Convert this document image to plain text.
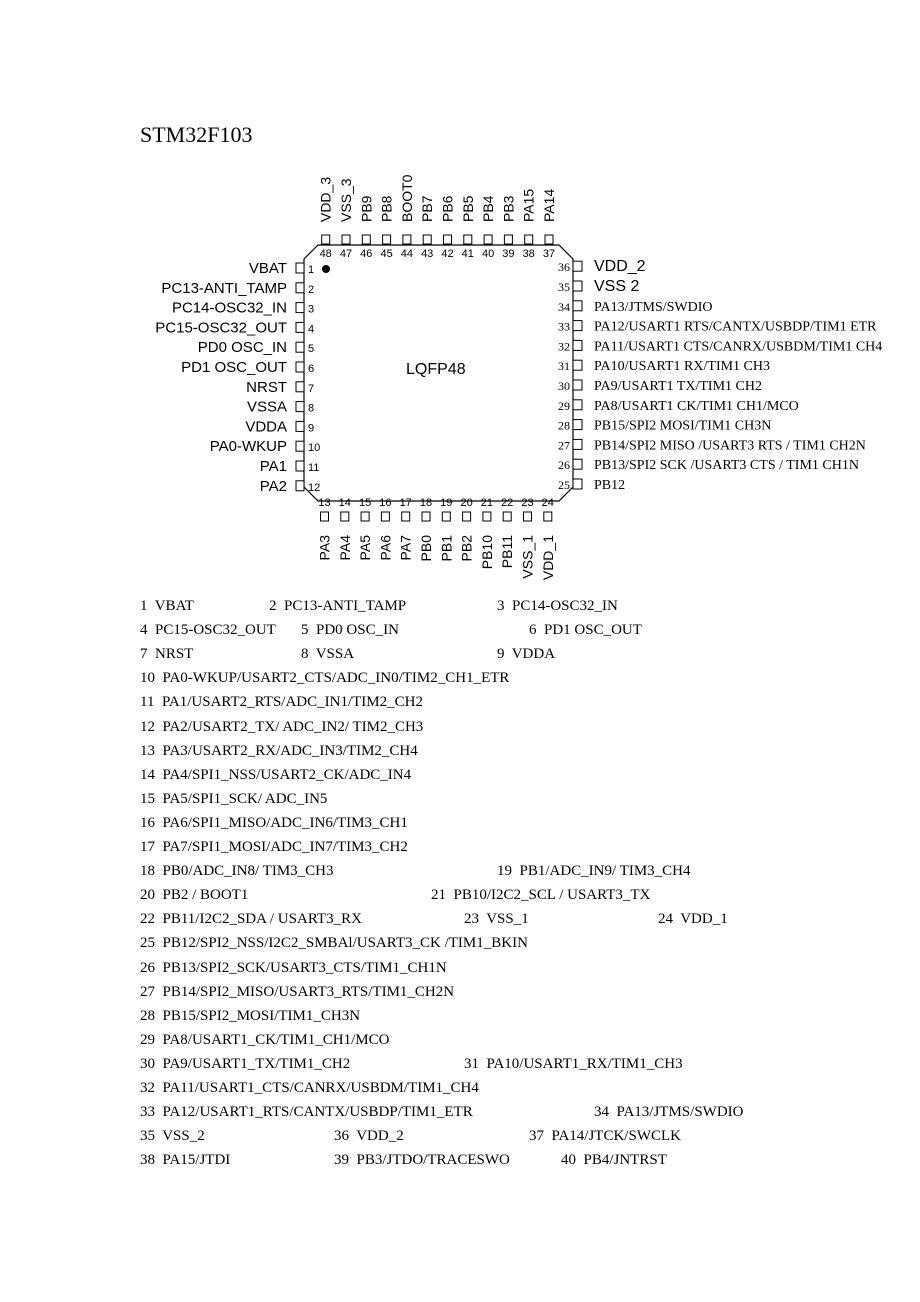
STM32F103
LQFP48
1
VBAT
2
PC13-ANTI_TAMP
3
PC14-OSC32_IN
4
PC15-OSC32_OUT
5
PD0 OSC_IN
6
PD1 OSC_OUT
7
NRST
8
VSSA
9
VDDA
10
PA0-WKUP
11
PA1
12
PA2
13
PA3
14
PA4
15
PA5
16
PA6
17
PA7
18
PB0
19
PB1
20
PB2
21
PB10
22
PB11
23
VSS_1
24
VDD_1
25 PB12
26 PB13/SPI2 SCK /USART3 CTS / TIM1 CH1N
27 PB14/SPI2 MISO /USART3 RTS / TIM1 CH2N
28 PB15/SPI2 MOSI/TIM1 CH3N
29 PA8/USART1 CK/TIM1 CH1/MCO
30 PA9/USART1 TX/TIM1 CH2
31 PA10/USART1 RX/TIM1 CH3
32 PA11/USART1 CTS/CANRX/USBDM/TIM1 CH4
33 PA12/USART1 RTS/CANTX/USBDP/TIM1 ETR
34 PA13/JTMS/SWDIO
35 VSS 2
36 VDD_2
37
PA14
38
PA15
39
PB3
40
PB4
41
PB5
42
PB6
43
PB7
44
BOOT0
45
PB8
46
PB9
47
VSS_3
48
VDD_3
1  VBAT	2  PC13-ANTI_TAMP	3  PC14-OSC32_IN
4  PC15-OSC32_OUT 5  PD0 OSC_IN	6  PD1 OSC_OUT
7  NRST	8  VSSA	9  VDDA
10  PA0-WKUP/USART2_CTS/ADC_IN0/TIM2_CH1_ETR
11  PA1/USART2_RTS/ADC_IN1/TIM2_CH2
12  PA2/USART2_TX/ ADC_IN2/ TIM2_CH3
13  PA3/USART2_RX/ADC_IN3/TIM2_CH4
14  PA4/SPI1_NSS/USART2_CK/ADC_IN4
15  PA5/SPI1_SCK/ ADC_IN5
16  PA6/SPI1_MISO/ADC_IN6/TIM3_CH1
17  PA7/SPI1_MOSI/ADC_IN7/TIM3_CH2
18  PB0/ADC_IN8/ TIM3_CH3	19  PB1/ADC_IN9/ TIM3_CH4
20  PB2 / BOOT1	21  PB10/I2C2_SCL / USART3_TX
22  PB11/I2C2_SDA / USART3_RX	23  VSS_1	24  VDD_1
25  PB12/SPI2_NSS/I2C2_SMBAl/USART3_CK /TIM1_BKIN
26  PB13/SPI2_SCK/USART3_CTS/TIM1_CH1N
27  PB14/SPI2_MISO/USART3_RTS/TIM1_CH2N
28  PB15/SPI2_MOSI/TIM1_CH3N
29  PA8/USART1_CK/TIM1_CH1/MCO
30  PA9/USART1_TX/TIM1_CH2	31  PA10/USART1_RX/TIM1_CH3
32  PA11/USART1_CTS/CANRX/USBDM/TIM1_CH4
33  PA12/USART1_RTS/CANTX/USBDP/TIM1_ETR	34  PA13/JTMS/SWDIO
35  VSS_2	36  VDD_2	37  PA14/JTCK/SWCLK
38  PA15/JTDI	39  PB3/JTDO/TRACESWO	40  PB4/JNTRST
